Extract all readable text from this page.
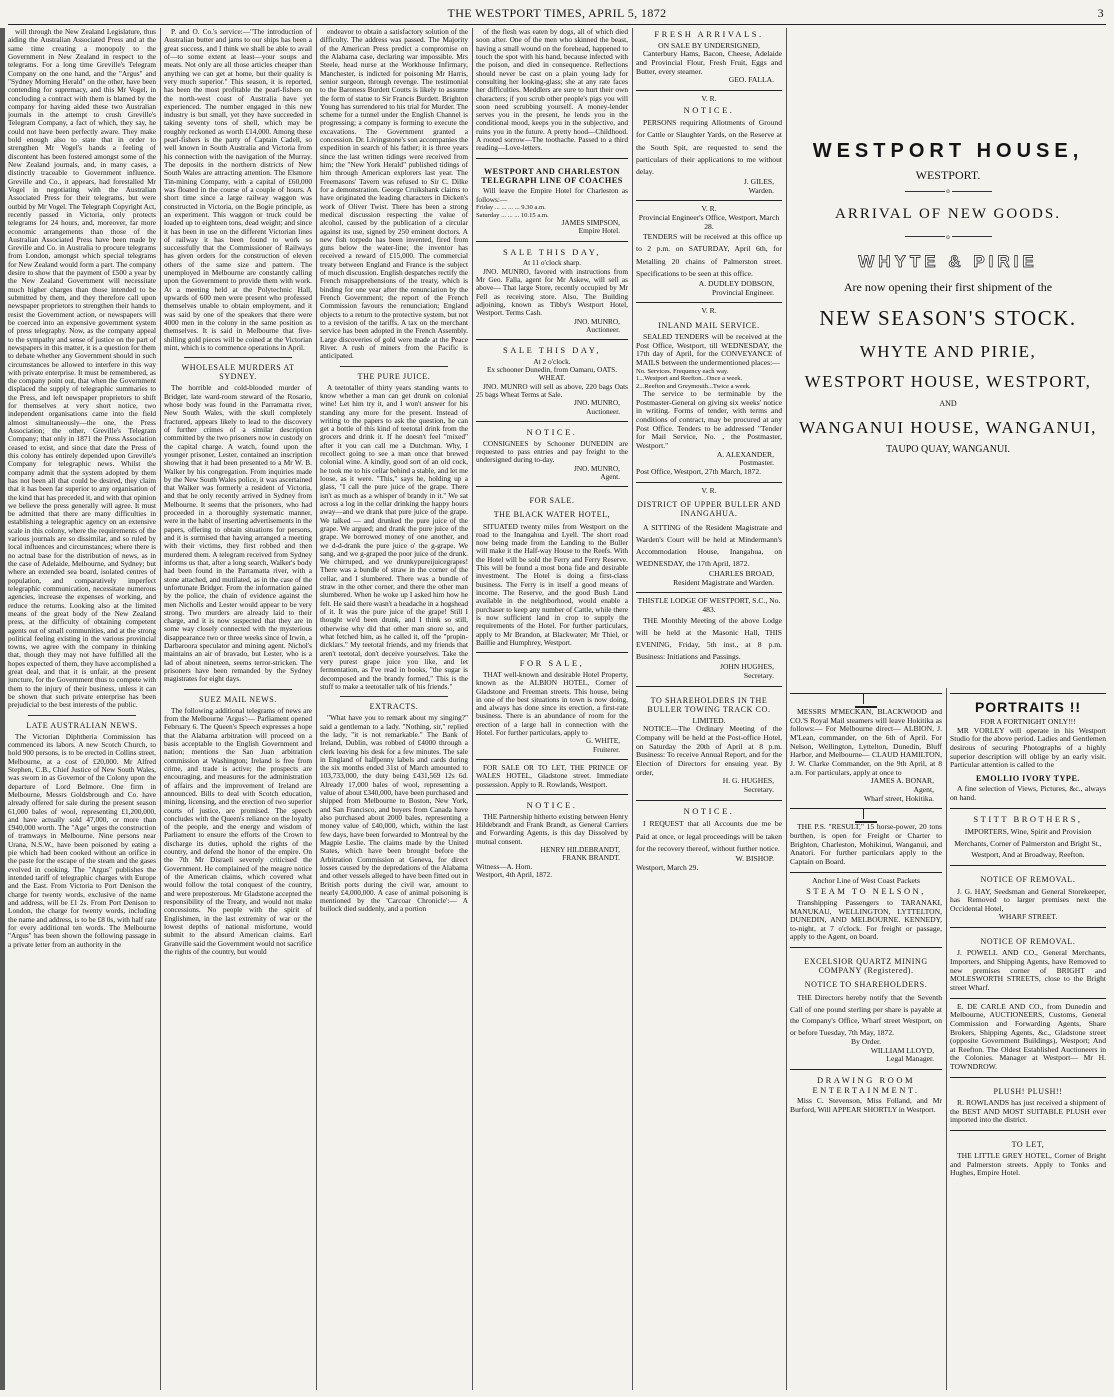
THE WESTPORT TIMES, APRIL 5, 1872	3

will through the New Zealand Legislature, thus aiding the Australian Associated Press and at the same time creating a monopoly to the Government in New Zealand in respect to the telegrams. For a long time Greville's Telegram Company on the one hand, and the "Argus" and "Sydney Morning Herald" on the other, have been contending for supremacy, and this Mr Vogel, in concluding a contract with them is blamed by the company for having aided these two Australian journals in the attempt to crush Greville's Telegram Company, a fact of which, they say, he could not have been perfectly aware. They make bold enough also to state that in order to strengthen Mr Vogel's hands a feeling of discontent has been fostered amongst some of the New Zealand journals, and, in many cases, a distinctly traceable to Government influence. Greville and Co., it appears, had forestalled Mr Vogel in negotiating with the Australian Associated Press for their telegrams, but were outbid by Mr Vogel. The Telegraph Copyright Act, recently passed in Victoria, only protects telegrams for 24 hours, and, moreover, far more economic arrangements than those of the Australian Associated Press have been made by Greville and Co. in Australia to procure telegrams from London, amongst which special telegrams for New Zealand would form a part. The company desire to show that the payment of £500 a year by the New Zealand Government will necessitate much higher charges than those intended to be submitted by them, and they therefore call upon newspaper proprietors to strengthen their hands to resist the Government action, or newspapers will be coerced into an expensive government system of press telegraphy. Now, as the company appeal to the sympathy and sense of justice on the part of newspapers in this matter, it is a question for them to debate whether any Government should in such circumstances be allowed to interfere in this way with private enterprise. It must be remembered, as the company point out, that when the Government displaced the supply of telegraphic summaries to the Press, and left newspaper proprietors to shift for themselves at very short notice, two independent organisations came into the field almost simultaneously—the one, the Press Association; the other, Greville's Telegram Company; that only in 1871 the Press Association ceased to exist, and since that date the Press of this colony has entirely depended upon Greville's Company for telegraphic news. Whilst the company admit that the system adopted by them has not been all that could be desired, they claim that it has been far superior to any organisation of the kind that has preceded it, and with that opinion we believe the press generally will agree. It must be admitted that there are many difficulties in establishing a telegraphic agency on an extensive scale in this colony, where the requirements of the various journals are so dissimilar, and so ruled by local influences and circumstances; where there is no actual base for the distribution of news, as in the case of Adelaide, Melbourne, and Sydney; but where an extended sea board, isolated centres of population, and comparatively imperfect telegraphic communication, necessitate numerous agencies, increase the expenses of working, and reduce the returns. Looking also at the limited means of the great body of the New Zealand press, at the difficulty of obtaining competent agents out of small communities, and at the strong political feeling existing in the various provincial towns, we agree with the company in thinking that, though they may not have fulfilled all the hopes expected of them, they have accomplished a great deal, and that it is unfair, at the present juncture, for the Government thus to compete with them to the injury of their business, unless it can be shown that such private enterprise has been prejudicial to the best interests of the public.

LATE AUSTRALIAN NEWS.

The Victorian Diphtheria Commission has commenced its labors. A new Scotch Church, to hold 900 persons, is to be erected in Collins street, Melbourne, at a cost of £20,000. Mr Alfred Stephen, C.B., Chief Justice of New South Wales, was sworn in as Governor of the Colony upon the departure of Lord Belmore. One firm in Melbourne, Messrs Goldsbrough and Co. have already offered for sale during the present season 61,000 bales of wool, representing £1,200,000, and have actually sold 47,000, or more than £940,000 worth. The "Age" urges the construction of tramways in Melbourne. Nine persons near Urana, N.S.W., have been poisoned by eating a pie which had been cooked without an orifice in the paste for the escape of the steam and the gases evolved in cooking. The "Argus" publishes the intended tariff of telegraphic charges with Europe and the East. From Victoria to Port Denison the charge for twenty words, exclusive of the name and address, will be £1 2s. From Port Denison to London, the charge for twenty words, including the name and address, is to be £8 0s, with half rate for every additional ten words. The Melbourne "Argus" has been shown the following passage in a private letter from an authority in the

P. and O. Co.'s service:—"The introduction of Australian butter and jams to our ships has been a great success, and I think we shall be able to avail of—to some extent at least—your soups and meats. Not only are all those articles cheaper than anything we can get at home, but their quality is very much superior." This season, it is reported, has been the most profitable the pearl-fishers on the north-west coast of Australia have yet experienced. The number engaged in this new industry is but small, yet they have succeeded in taking seventy tons of shell, which may be roughly reckoned as worth £14,000. Among these pearl-fishers is the party of Captain Cadell, so well known in South Australia and Victoria from his connection with the navigation of the Murray. The deposits in the northern districts of New South Wales are attracting attention. The Elsmore Tin-mining Company, with a capital of £60,000 was floated in the course of a couple of hours. A short time since a large railway waggon was constructed in Victoria, on the Bogie principle, as an experiment. This waggon or truck could be loaded up to eighteen tons, dead weight; and since it has been in use on the different Victorian lines of railway it has been found to work so successfully that the Commissioner of Railways has given orders for the construction of eleven others of the same size and pattern. The unemployed in Melbourne are constantly calling upon the Government to provide them with work. At a meeting held at the Polytechnic Hall, upwards of 600 men were present who professed themselves unable to obtain employment, and it was said by one of the speakers that there were 4000 men in the colony in the same position as themselves. It is said in Melbourne that five-shilling gold pieces will be coined at the Victorian mint, which is to commence operations in April.

WHOLESALE MURDERS AT SYDNEY.

The horrible and cold-blooded murder of Bridger, late ward-room steward of the Rosario, whose body was found in the Parramatta river, New South Wales, with the skull completely fractured, appears likely to lead to the discovery of further crimes of a similar description committed by the two prisoners now in custody on the capital charge. A watch, found upon the younger prisoner, Lester, contained an inscription showing that it had been presented to a Mr W. B. Walker by his congregation. From inquiries made by the New South Wales police, it was ascertained that Walker was formerly a resident of Victoria, and that he only recently arrived in Sydney from Melbourne. It seems that the prisoners, who had proceeded in a thoroughly systematic manner, were in the habit of inserting advertisements in the papers, offering to obtain situations for persons, and it is surmised that having arranged a meeting with their victims, they first robbed and then murdered them. A telegram received from Sydney informs us that, after a long search, Walker's body had been found in the Parramatta river, with a stone attached, and mutilated, as in the case of the unfortunate Bridger. From the information gained by the police, the chain of evidence against the men Nicholls and Lester would appear to be very strong. Two murders are already laid to their charge, and it is now suspected that they are in some way closely connected with the mysterious disappearance two or three weeks since of Irwin, a Darbaroora speculator and mining agent. Nichol's maintains an air of bravado, but Lester, who is a lad of about nineteen, seems terror-stricken. The prisoners have been remanded by the Sydney magistrates for eight days.

SUEZ MAIL NEWS.

The following additional telegrams of news are from the Melbourne 'Argus':— Parliament opened February 6. The Queen's Speech expresses a hope that the Alabama arbitration will proceed on a basis acceptable to the English Government and nation; mentions the San Juan arbitration commission at Washington; Ireland is free from crime, and trade is active; the prospects are encouraging, and measures for the administration of affairs and the improvement of Ireland are announced. Bills to deal with Scotch education, mining, licensing, and the erection of two superior courts of justice, are promised. The speech concludes with the Queen's reliance on the loyalty of the people, and the energy and wisdom of Parliament to ensure the efforts of the Crown to discharge its duties, uphold the rights of the country, and defend the honor of the empire. On the 7th Mr Disraeli severely criticised the Government. He complained of the meagre notice of the American claims, which covered what would follow the total conquest of the country, and were preposterous. Mr Gladstone accepted the responsibility of the Treaty, and would not make concessions. No people with the spirit of Englishmen, in the last extremity of war or the lowest depths of national misfortune, would submit to the absurd American claims. Earl Granville said the Government would not sacrifice the rights of the country, but would

endeavor to obtain a satisfactory solution of the difficulty. The address was passed. The Majority of the American Press predict a compromise on the Alabama case, declaring war impossible. Mrs Steele, head nurse at the Workhouse Infirmary, Manchester, is indicted for poisoning Mr Harris, senior surgeon, through revenge. The testimonial to the Baroness Burdett Coutts is likely to assume the form of statue to Sir Francis Burdett. Brighton Young has surrendered to his trial for Murder. The scheme for a tunnel under the English Channel is progressing; a company is forming to execute the excavations. The Government granted a concession. Dr. Livingstone's son accompanies the expedition in search of his father; it is three years since the last written tidings were received from him; the "New York Herald" published tidings of him through American explorers last year. The Freemasons' Tavern was refused to Sir C. Dilke for a demonstration. George Cruikshank claims to have originated the leading characters in Dicken's work of Oliver Twist. There has been a strong medical discussion respecting the value of alcohol, caused by the publication of a circular against its use, signed by 250 eminent doctors. A new fish torpedo has been invented, fired from guns below the water-line; the inventor has received a reward of £15,000. The commercial treaty between England and France is the subject of much discussion. English despatches rectify the French misapprehensions of the treaty, which is binding for one year after the renunciation by the French Government; the report of the French Commission favours the renunciation; England objects to a return to the protective system, but not to a revision of the tariffs. A tax on the merchant service has been adopted in the French Assembly. Large discoveries of gold were made at the Peace River. A rush of miners from the Pacific is anticipated.

THE PURE JUICE.

A teetotaller of thirty years standing wants to know whether a man can get drunk on colonial wine! Let him try it, and I won't answer for his standing any more for the present. Instead of writing to the papers to ask the question, he can get a bottle of this kind of teetotal drink from the grocers and drink it. If he doesn't feel "mixed" after it you can call me a Dutchman. Why, I recollect going to see a man once that brewed colonial wine. A kindly, good sort of an old cock, he took me to his cellar behind a stable, and let me loose, as it were. "This," says he, holding up a glass, "I call the pure juice of the grape. There isn't as much as a whisper of brandy in it." We sat across a log in the cellar drinking the happy hours away—and we drank that pure juice of the grape. We talked — and drunked the pure juice of the grape. We argued; and drank the pure juice of the grape. We borrowed money of one another, and we d-d-drank the pure juice o' the g-grape. We sang, and we g-graped the poor juice of the drunk. We chirruped, and we drunkypureijuicegrapes! There was a bundle of straw in the corner of the cellar, and I slumbered. There was a bundle of straw in the other corner, and there the other man slumbered. When he woke up I asked him how he felt. He said there wasn't a headache in a hogshead of it. It was the pure juice of the grape! Still I thought we'd been drunk, and I think so still, otherwise why did that other man snore so, and what fetched him, as he called it, off the "propin-dicklars." My teetotal friends, and my friends that aren't teetotal, don't deceive yourselves. Take the very purest grape juice you like, and let fermentation, as I've read in books, "the sugar is decomposed and the brandy formed," This is the stuff to make a teetotaller talk of his friends."

EXTRACTS.

"What have you to remark about my singing?" said a gentleman to a lady. "Nothing, sir," replied the lady, "it is not remarkable." The Bank of Ireland, Dublin, was robbed of £4000 through a clerk leaving his desk for a few minutes. The sale in England of halfpenny labels and cards during the six months ended 31st of March amounted to 103,733,000, the duty being £431,569 12s 6d. Already 17,000 bales of wool, representing a value of about £340,000, have been purchased and shipped from Melbourne to Boston, New York, and San Francisco, and buyers from Canada have also purchased about 2000 bales, representing a money value of £40,000, which, within the last few days, have been forwarded to Montreal by the Magpie Leslie. The claims made by the United States, which have been brought before the Arbitration Commission at Geneva, for direct losses caused by the depredations of the Alabama and other vessels alleged to have been fitted out in British ports during the civil war, amount to nearly £4,000,000. A case of animal poisoning is mentioned by the 'Carcoar Chronicle':— A bullock died suddenly, and a portion

of the flesh was eaten by dogs, all of which died soon after. One of the men who skinned the beast, having a small wound on the forehead, happened to touch the spot with his hand, because infected with the poison, and died in consequence. Reflections should never be cast on a plain young lady for consulting her looking-glass; she at any rate faces her difficulties. Meddlers are sure to hurt their own characters; if you scrub other people's pigs you will soon need scrubbing yourself. A money-lender serves you in the present, he lends you in the conditional mood, keeps you in the subjective, and ruins you in the future. A pretty hood—Childhood. A rooted sorrow—The toothache. Passed to a third reading—Love-letters.

WESTPORT AND CHARLESTON TELEGRAPH LINE OF COACHES

Will leave the Empire Hotel for Charleston as follows:—

Friday ... ... ... ... 9.30 a.m.

Saturday ... ... ... 10.15 a.m.

JAMES SIMPSON,

Empire Hotel.

SALE THIS DAY,

At 11 o'clock sharp.

JNO. MUNRO, favored with instructions from Mr Geo. Falla, agent for Mr Askew, will sell as above— That large Store, recently occupied by Mr Fell as receiving store. Also, The Building adjoining, known as Tibby's Westport Hotel, Westport. Terms Cash.

JNO. MUNRO,

Auctioneer.

SALE THIS DAY,

At 2 o'clock.

Ex schooner Dunedin, from Oamaru, OATS. WHEAT.

JNO. MUNRO will sell as above, 220 bags Oats 25 bags Wheat Terms at Sale.

JNO. MUNRO,

Auctioneer.

NOTICE.

CONSIGNEES by Schooner DUNEDIN are requested to pass entries and pay freight to the undersigned during to-day.

JNO. MUNRO,

Agent.

FOR SALE.

THE BLACK WATER HOTEL,

SITUATED twenty miles from Westport on the road to the Inangahua and Lyell. The short road now being made from the Landing to the Buller will make it the Half-way House to the Reefs. With the Hotel will be sold the Ferry and Ferry Reserve. This will be found a most bona fide and desirable investment. The Hotel is doing a first-class business. The Ferry is in itself a good means of income. The Reserve, and the good Bush Land available in the neighborhood, would enable a purchaser to keep any number of Cattle, while there is now sufficient land in crop to supply the requirements of the Hotel. For further particulars, apply to Mr Brandon, at Blackwater; Mr Thiel, or Baillie and Humphrey, Westport.

FOR SALE,

THAT well-known and desirable Hotel Property, known as the ALBION HOTEL, Corner of Gladstone and Freeman streets. This house, being in one of the best situations in town is now doing, and always has done since its erection, a first-rate business. There is an abundance of room for the erection of a large hall in connection with the Hotel. For further particulars, apply to

G. WHITE,

Fruiterer.

FOR SALE OR TO LET, THE PRINCE OF WALES HOTEL, Gladstone street. Immediate possession. Apply to R. Rowlands, Westport.

NOTICE.

THE Partnership hitherto existing between Henry Hildebrandt and Frank Brandt, as General Carriers and Forwarding Agents, is this day Dissolved by mutual consent.

HENRY HILDEBRANDT,

FRANK BRANDT.

Witness—A. Horn.

Westport, 4th April, 1872.

FRESH ARRIVALS.

ON SALE BY UNDERSIGNED,

Canterbury Hams, Bacon, Cheese, Adelaide and Provincial Flour, Fresh Fruit, Eggs and Butter, every steamer.

GEO. FALLA.

V. R.

NOTICE.

PERSONS requiring Allotments of Ground for Cattle or Slaughter Yards, on the Reserve at the South Spit, are requested to send the particulars of their applications to me without delay.

J. GILES,

Warden.

V. R.

Provincial Engineer's Office, Westport, March 28.

TENDERS will be received at this office up to 2 p.m. on SATURDAY, April 6th, for Metalling 20 chains of Palmerston street. Specifications to be seen at this office.

A. DUDLEY DOBSON,

Provincial Engineer.

V. R.

INLAND MAIL SERVICE.

SEALED TENDERS will be received at the Post Office, Westport, till WEDNESDAY, the 17th day of April, for the CONVEYANCE of MAILS between the undermentioned places:—

No. Services. Frequency each way.

1...Westport and Reefton...Once a week.

2...Reefton and Greymouth...Twice a week.

The service to be terminable by the Postmaster-General on giving six weeks' notice in writing. Forms of tender, with terms and conditions of contract, may be procured at any Post Office. Tenders to be addressed "Tender for Mail Service, No. , the Postmaster, Westport."

A. ALEXANDER,

Postmaster.

Post Office, Westport, 27th March, 1872.

V. R.

DISTRICT OF UPPER BULLER AND INANGAHUA.

A SITTING of the Resident Magistrate and Warden's Court will be held at Mindermann's Accommodation House, Inangahua, on WEDNESDAY, the 17th April, 1872.

CHARLES BROAD,

Resident Magistrate and Warden.

THISTLE LODGE OF WESTPORT, S.C., No. 483.

THE Monthly Meeting of the above Lodge will be held at the Masonic Hall, THIS EVENING, Friday, 5th inst., at 8 p.m. Business: Initiations and Passings.

JOHN HUGHES,

Secretary.

TO SHAREHOLDERS IN THE BULLER TOWING TRACK CO.

LIMITED.

NOTICE—The Ordinary Meeting of the Company will be held at the Post-office Hotel, on Saturday the 20th of April at 8 p.m. Business: To receive Annual Report, and for the Election of Directors for ensuing year. By order,

H. G. HUGHES,

Secretary.

NOTICE.

I REQUEST that all Accounts due me be Paid at once, or legal proceedings will be taken for the recovery thereof, without further notice.

W. BISHOP.

Westport, March 29.

WESTPORT HOUSE,

WESTPORT.

o

ARRIVAL OF NEW GOODS.

o

WHYTE & PIRIE

Are now opening their first shipment of the

NEW SEASON'S STOCK.

WHYTE AND PIRIE,

WESTPORT HOUSE, WESTPORT,

AND

WANGANUI HOUSE, WANGANUI,

TAUPO QUAY, WANGANUI.

MESSRS M'MECKAN, BLACKWOOD and CO.'S Royal Mail steamers will leave Hokitika as follows:— For Melbourne direct— ALBION, J. M'Lean, commander, on the 6th of April. For Nelson, Wellington, Lyttelton, Dunedin, Bluff Harbor, and Melbourne— CLAUD HAMILTON, J. W. Clarke Commander, on the 9th April, at 8 a.m. For particulars, apply at once to

JAMES A. BONAR,

Agent,

Wharf street, Hokitika.

THE P.S. "RESULT," 15 horse-power, 20 tons burthen, is open for Freight or Charter to Brighton, Charleston, Mohikinui, Wanganui, and Anatori. For further particulars apply to the Captain on Board.

Anchor Line of West Coast Packets

STEAM TO NELSON,

Transhipping Passengers to TARANAKI, MANUKAU, WELLINGTON, LYTTELTON, DUNEDIN, AND MELBOURNE. KENNEDY, to-night, at 7 o'clock. For freight or passage, apply to the Agent, on board.

EXCELSIOR QUARTZ MINING COMPANY (Registered).

NOTICE TO SHAREHOLDERS.

THE Directors hereby notify that the Seventh Call of one pound sterling per share is payable at the Company's Office, Wharf street Westport, on or before Tuesday, 7th May, 1872.

By Order.

WILLIAM LLOYD,

Legal Manager.

DRAWING ROOM ENTERTAINMENT.

Miss C. Stevenson, Miss Folland, and Mr Burford, Will APPEAR SHORTLY in Westport.

PORTRAITS !!

FOR A FORTNIGHT ONLY!!!

MR VORLEY will operate in his Westport Studio for the above period. Ladies and Gentlemen desirous of securing Photographs of a highly superior description will oblige by an early visit. Particular attention is called to the

EMOLLIO IVORY TYPE.

A fine selection of Views, Pictures, &c., always on hand.

STITT BROTHERS,

IMPORTERS, Wine, Spirit and Provision Merchants, Corner of Palmerston and Bright St., Westport, And at Broadway, Reefton.

NOTICE OF REMOVAL.

J. G. HAY, Seedsman and General Storekeeper, has Removed to larger premises next the Occidental Hotel,

WHARF STREET.

NOTICE OF REMOVAL.

J. POWELL AND CO., General Merchants, Importers, and Shipping Agents, have Removed to new premises corner of BRIGHT and MOLESWORTH STREETS, close to the Bright street Wharf.

E. DE CARLE AND CO., from Dunedin and Melbourne, AUCTIONEERS, Customs, General Commission and Forwarding Agents, Share Brokers, Shipping Agents, &c., Gladstone street (opposite Government Buildings), Westport; And at Reefton. The Oldest Established Auctioneers in the Colonies. Manager at Westport— Mr H. TOWNDROW.

PLUSH! PLUSH!!

R. ROWLANDS has just received a shipment of the BEST AND MOST SUITABLE PLUSH ever imported into the district.

TO LET,

THE LITTLE GREY HOTEL, Corner of Bright and Palmerston streets. Apply to Tonks and Hughes, Empire Hotel.
